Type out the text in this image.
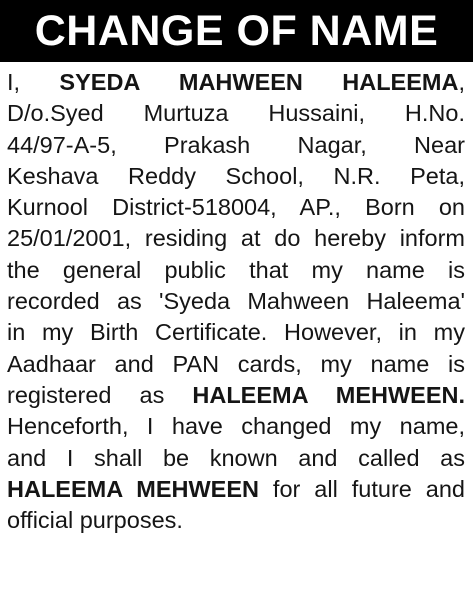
CHANGE OF NAME
I, SYEDA MAHWEEN HALEEMA,
D/o.Syed Murtuza Hussaini, H.No.
44/97-A-5, Prakash Nagar, Near
Keshava Reddy School, N.R. Peta,
Kurnool District-518004, AP., Born on
25/01/2001, residing at do hereby inform
the general public that my name is
recorded as 'Syeda Mahween Haleema'
in my Birth Certificate. However, in my
Aadhaar and PAN cards, my name is
registered as HALEEMA MEHWEEN.
Henceforth, I have changed my name,
and I shall be known and called as
HALEEMA MEHWEEN for all future and
official purposes.
